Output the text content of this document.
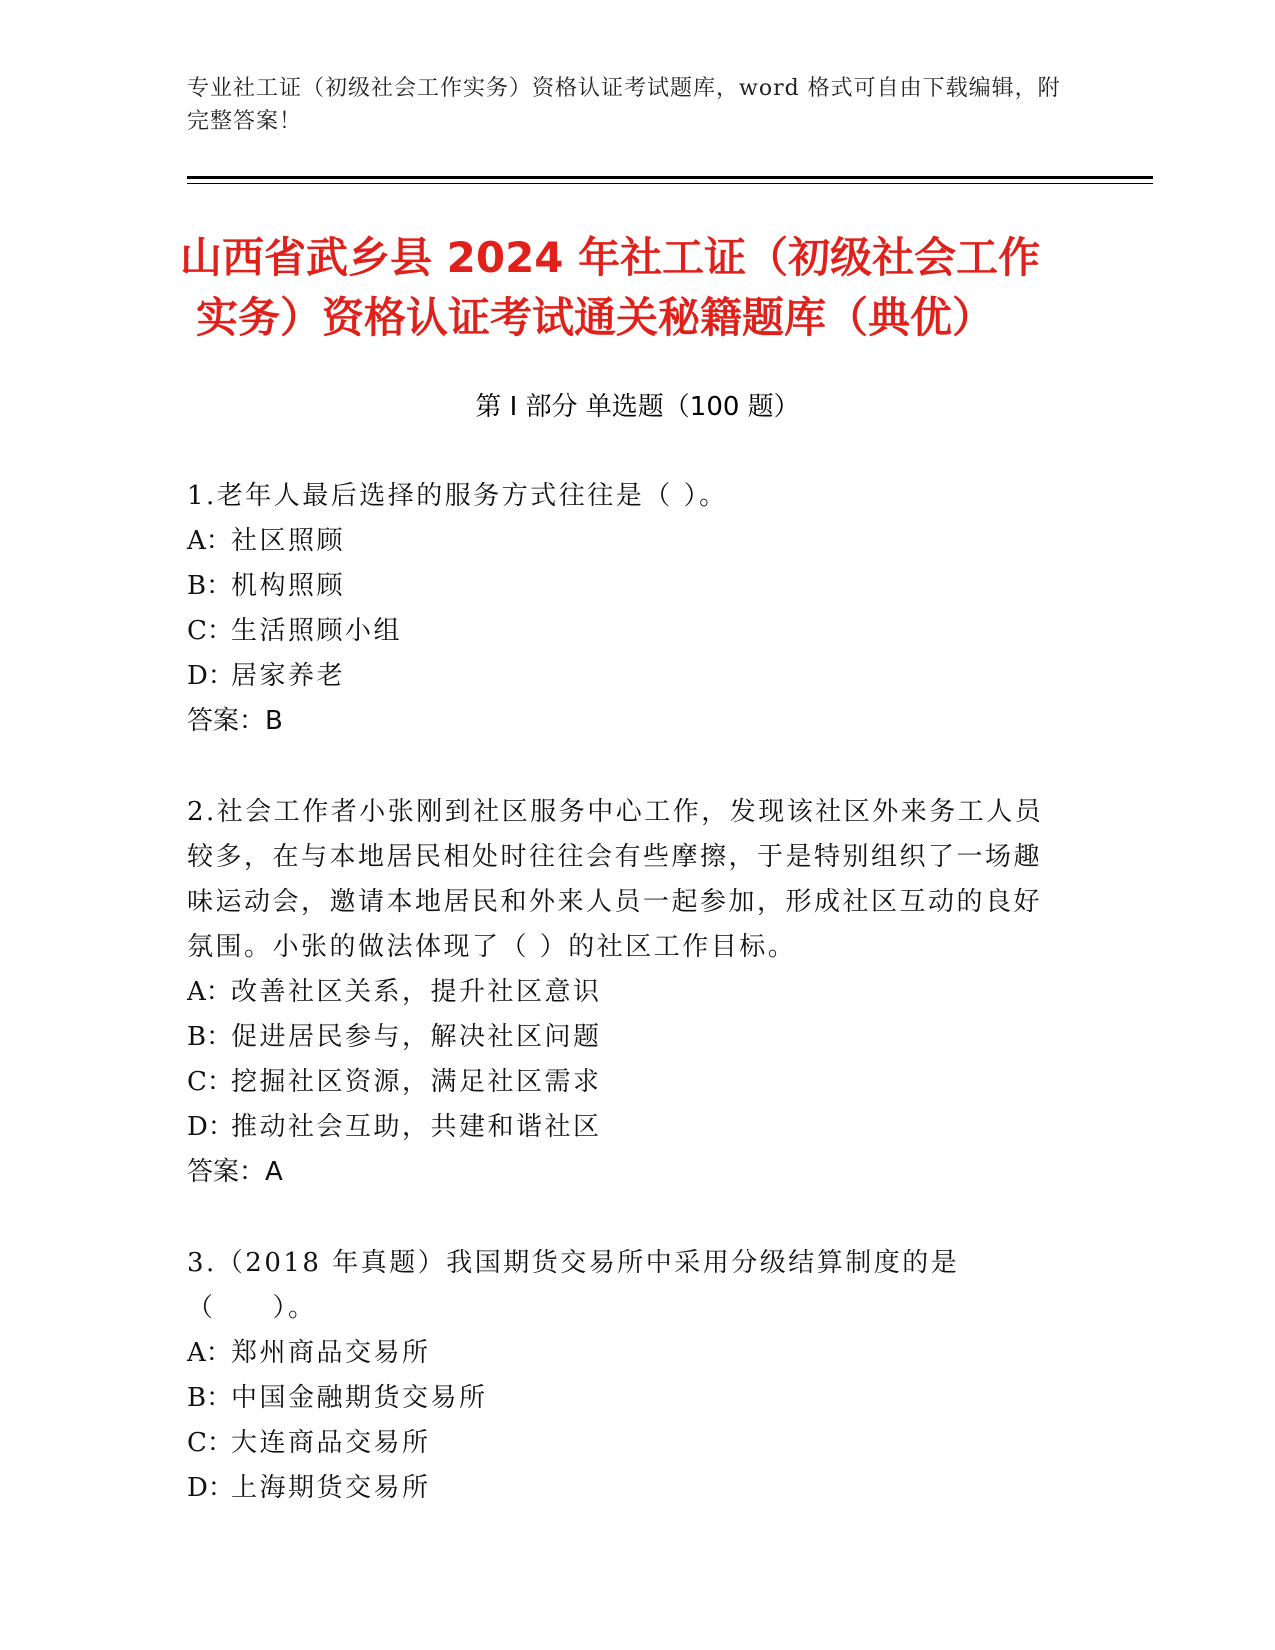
专业社工证（初级社会工作实务）资格认证考试题库，word 格式可自由下载编辑，附完整答案！
山西省武乡县 2024 年社工证（初级社会工作
实务）资格认证考试通关秘籍题库（典优）
第 I 部分 单选题（100 题）
1.老年人最后选择的服务方式往往是（ ）。
A： 社区照顾
B：
机构照顾
C：
生活照顾小组
D：
居家养老
答案：B
2.社会工作者小张刚到社区服务中心工作，发现该社区外来务工人员较多，在与本地居民相处时往往会有些摩擦，于是特别组织了一场趣味运动会，邀请本地居民和外来人员一起参加，形成社区互动的良好氛围。小张的做法体现了（ ）的社区工作目标。
A： 改善社区关系，提升社区意识
B：
促进居民参与，解决社区问题
C：
挖掘社区资源，满足社区需求
D：
推动社会互助，共建和谐社区
答案：A
3.（2018 年真题）我国期货交易所中采用分级结算制度的是（　　）。
A： 郑州商品交易所
B：
中国金融期货交易所
C：
大连商品交易所
D：
上海期货交易所
